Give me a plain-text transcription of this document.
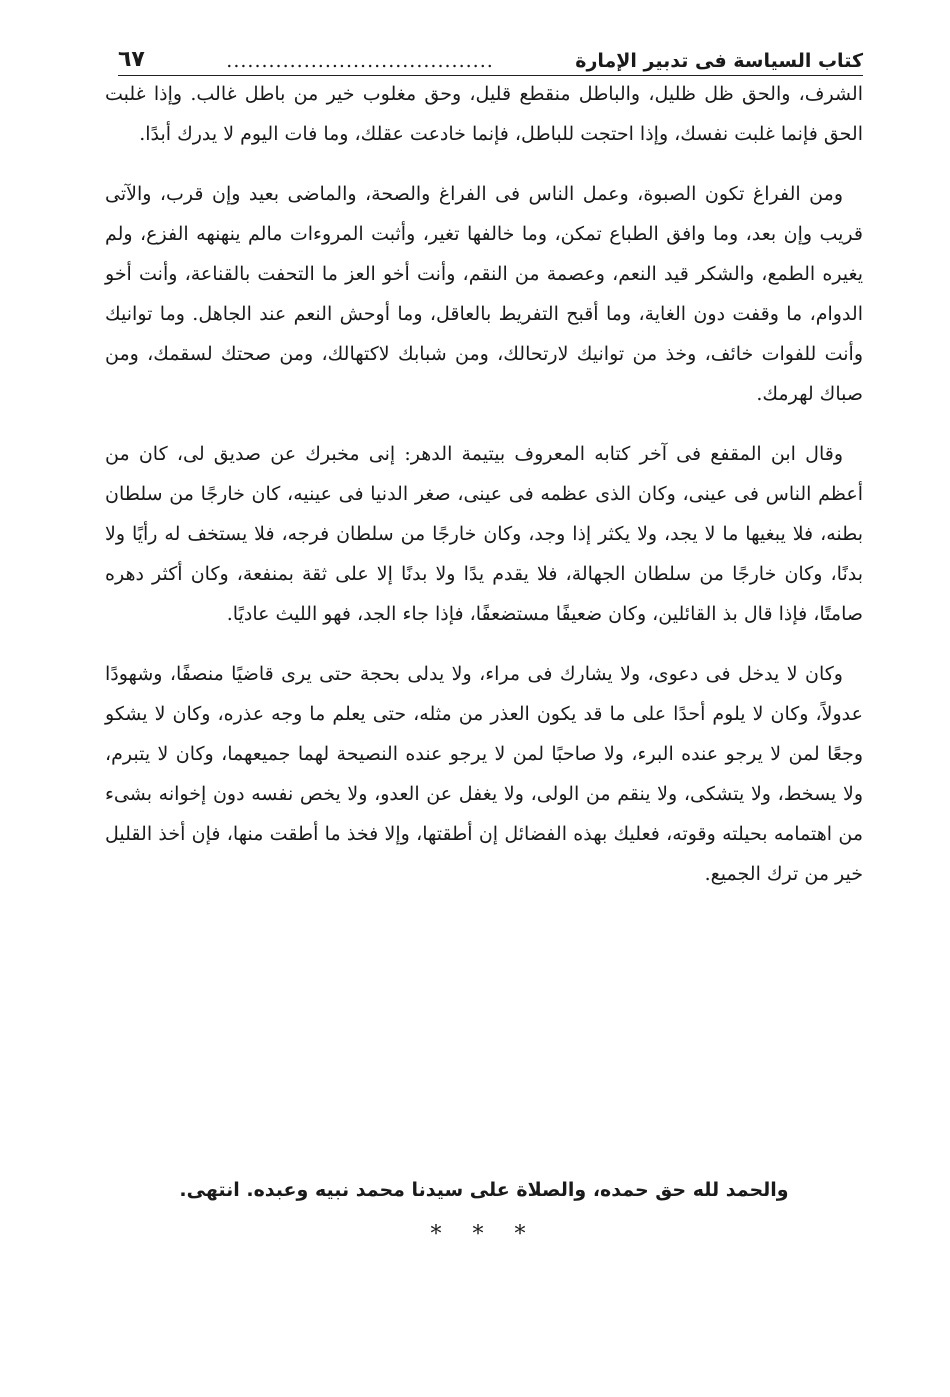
كتاب السياسة فى تدبير الإمارة
......................................
٦٧

الشرف، والحق ظل ظليل، والباطل منقطع قليل، وحق مغلوب خير من باطل غالب. وإذا غلبت الحق فإنما غلبت نفسك، وإذا احتجت للباطل، فإنما خادعت عقلك، وما فات اليوم لا يدرك أبدًا.

ومن الفراغ تكون الصبوة، وعمل الناس فى الفراغ والصحة، والماضى بعيد وإن قرب، والآتى قريب وإن بعد، وما وافق الطباع تمكن، وما خالفها تغير، وأثبت المروءات مالم ينهنهه الفزع، ولم يغيره الطمع، والشكر قيد النعم، وعصمة من النقم، وأنت أخو العز ما التحفت بالقناعة، وأنت أخو الدوام، ما وقفت دون الغاية، وما أقبح التفريط بالعاقل، وما أوحش النعم عند الجاهل. وما توانيك وأنت للفوات خائف، وخذ من توانيك لارتحالك، ومن شبابك لاكتهالك، ومن صحتك لسقمك، ومن صباك لهرمك.

وقال ابن المقفع فى آخر كتابه المعروف بيتيمة الدهر: إنى مخبرك عن صديق لى، كان من أعظم الناس فى عينى، وكان الذى عظمه فى عينى، صغر الدنيا فى عينيه، كان خارجًا من سلطان بطنه، فلا يبغيها ما لا يجد، ولا يكثر إذا وجد، وكان خارجًا من سلطان فرجه، فلا يستخف له رأيًا ولا بدنًا، وكان خارجًا من سلطان الجهالة، فلا يقدم يدًا ولا بدنًا إلا على ثقة بمنفعة، وكان أكثر دهره صامتًا، فإذا قال بذ القائلين، وكان ضعيفًا مستضعفًا، فإذا جاء الجد، فهو الليث عاديًا.

وكان لا يدخل فى دعوى، ولا يشارك فى مراء، ولا يدلى بحجة حتى يرى قاضيًا منصفًا، وشهودًا عدولاً، وكان لا يلوم أحدًا على ما قد يكون العذر من مثله، حتى يعلم ما وجه عذره، وكان لا يشكو وجعًا لمن لا يرجو عنده البرء، ولا صاحبًا لمن لا يرجو عنده النصيحة لهما جميعهما، وكان لا يتبرم، ولا يسخط، ولا يتشكى، ولا ينقم من الولى، ولا يغفل عن العدو، ولا يخص نفسه دون إخوانه بشىء من اهتمامه بحيلته وقوته، فعليك بهذه الفضائل إن أطقتها، وإلا فخذ ما أطقت منها، فإن أخذ القليل خير من ترك الجميع.

والحمد لله حق حمده، والصلاة على سيدنا محمد نبيه وعبده. انتهى.
* * *
